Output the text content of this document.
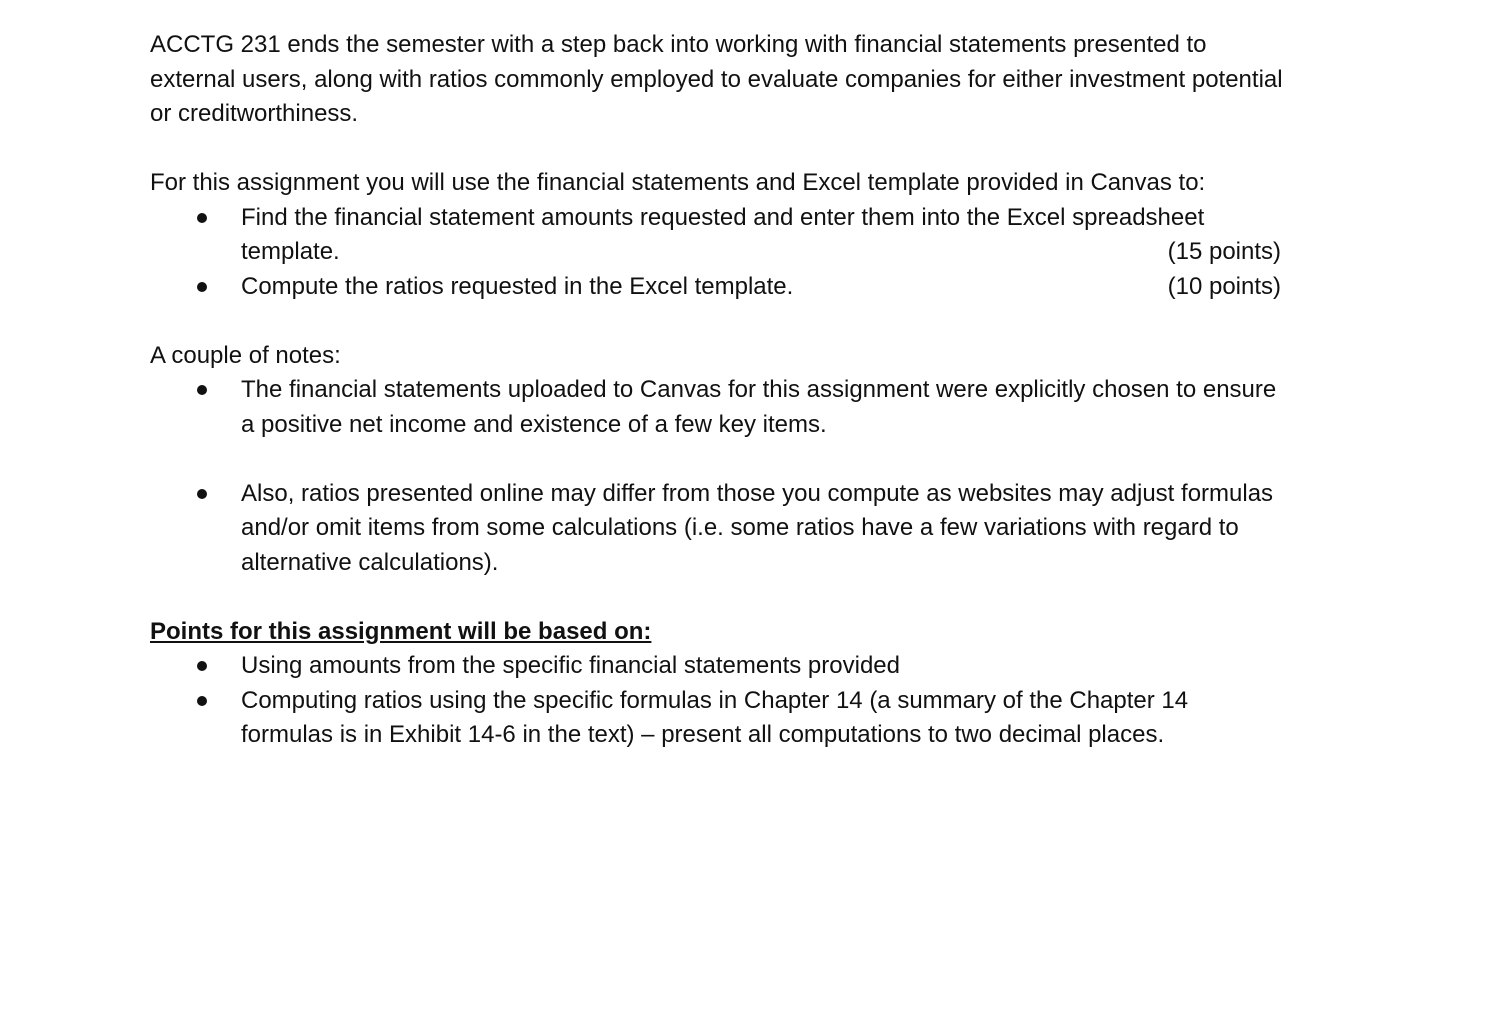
ACCTG 231 ends the semester with a step back into working with financial statements presented to external users, along with ratios commonly employed to evaluate companies for either investment potential or creditworthiness.

For this assignment you will use the financial statements and Excel template provided in Canvas to:

Find the financial statement amounts requested and enter them into the Excel spreadsheet
template.	(15 points)
Compute the ratios requested in the Excel template.	(10 points)

A couple of notes:

The financial statements uploaded to Canvas for this assignment were explicitly chosen to ensure a positive net income and existence of a few key items.
Also, ratios presented online may differ from those you compute as websites may adjust formulas and/or omit items from some calculations (i.e. some ratios have a few variations with regard to alternative calculations).

Points for this assignment will be based on:

Using amounts from the specific financial statements provided
Computing ratios using the specific formulas in Chapter 14 (a summary of the Chapter 14 formulas is in Exhibit 14-6 in the text) – present all computations to two decimal places.
